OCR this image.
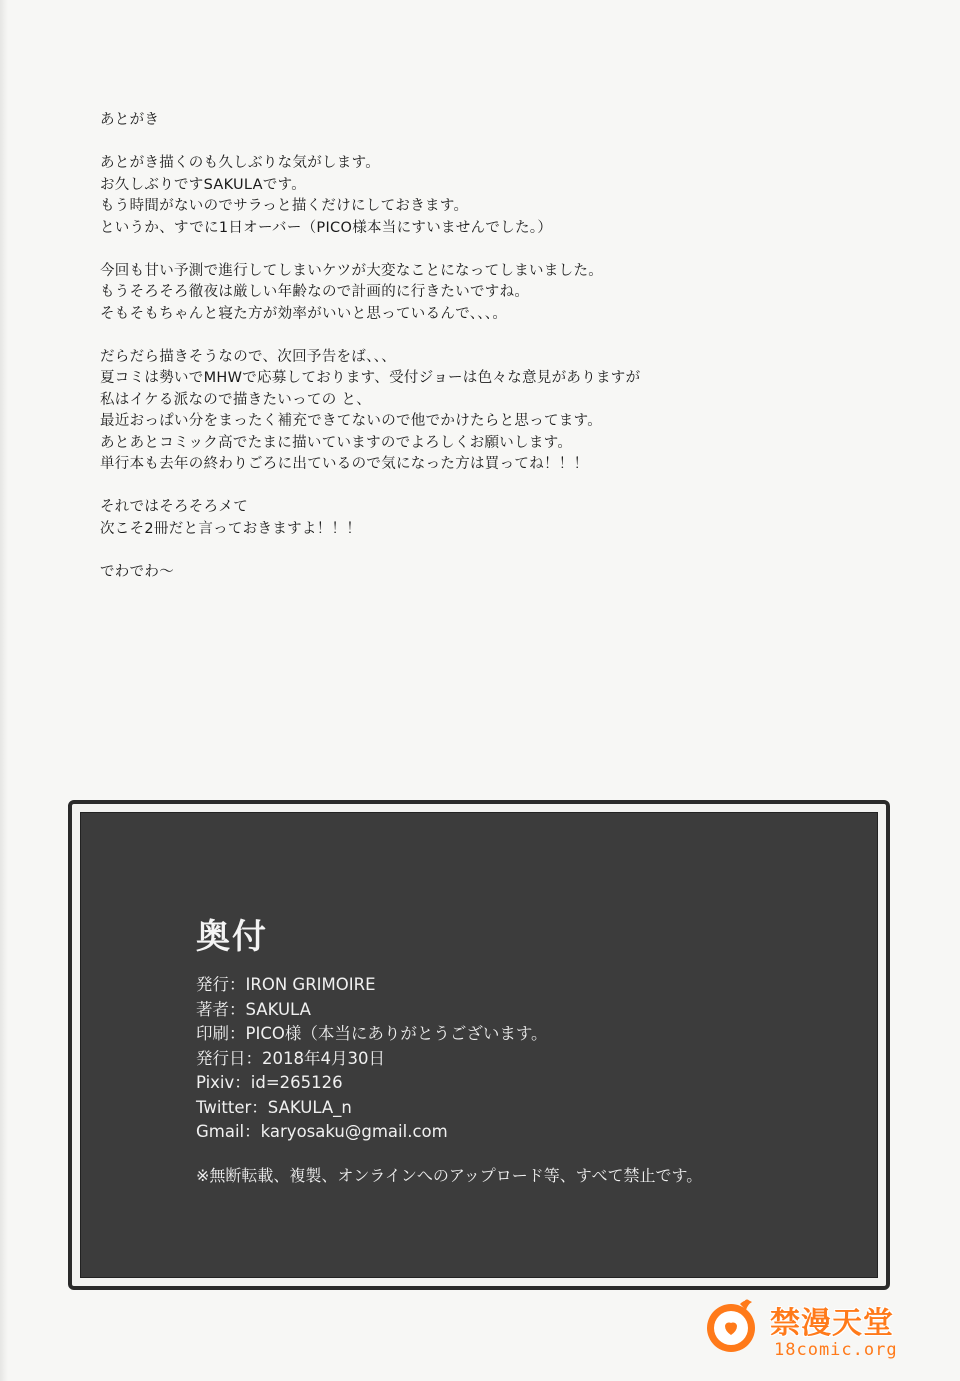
あとがき

あとがき描くのも久しぶりな気がします。

お久しぶりですSAKULAです。

もう時間がないのでサラっと描くだけにしておきます。

というか、すでに1日オーバー（PICO様本当にすいませんでした。）

今回も甘い予測で進行してしまいケツが大変なことになってしまいました。

もうそろそろ徹夜は厳しい年齢なので計画的に行きたいですね。

そもそもちゃんと寝た方が効率がいいと思っているんで、、、。

だらだら描きそうなので、次回予告をば、、、

夏コミは勢いでMHWで応募しております、受付ジョーは色々な意見がありますが

私はイケる派なので描きたいっての と、

最近おっぱい分をまったく補充できてないので他でかけたらと思ってます。

あとあとコミック高でたまに描いていますのでよろしくお願いします。

単行本も去年の終わりごろに出ているので気になった方は買ってね！！！

それではそろそろメて

次こそ2冊だと言っておきますよ！！！

でわでわ～

奥付
発行：IRON GRIMOIRE
著者：SAKULA
印刷：PICO様（本当にありがとうございます。
発行日：2018年4月30日
Pixiv：id=265126
Twitter：SAKULA_n
Gmail：karyosaku@gmail.com

※無断転載、複製、オンラインへのアップロード等、すべて禁止です。

禁漫天堂
18comic.org
